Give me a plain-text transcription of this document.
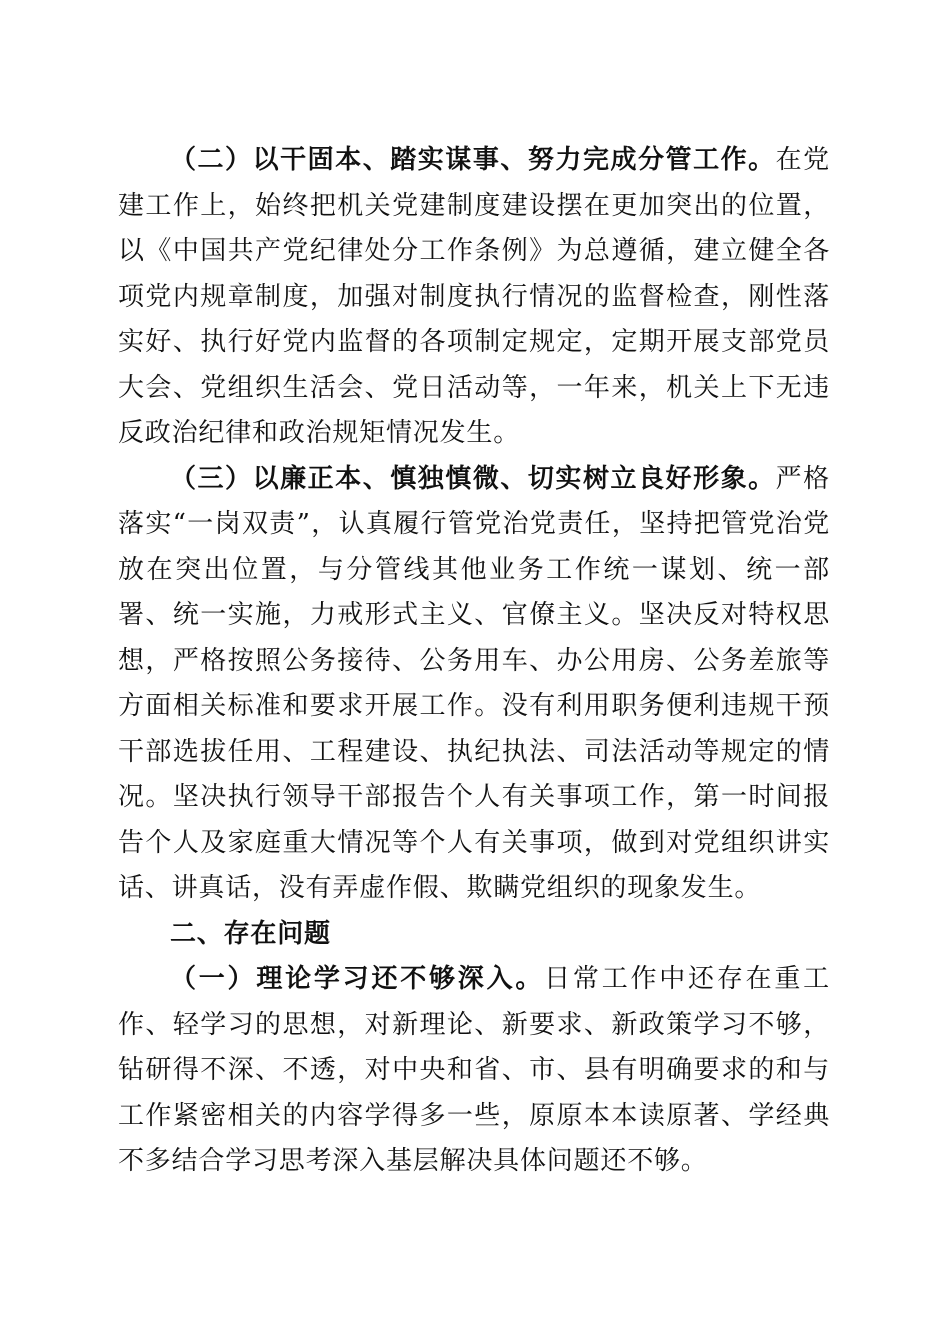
（二）以干固本、踏实谋事、努力完成分管工作。在党建工作上，始终把机关党建制度建设摆在更加突出的位置，以《中国共产党纪律处分工作条例》为总遵循，建立健全各项党内规章制度，加强对制度执行情况的监督检查，刚性落实好、执行好党内监督的各项制定规定，定期开展支部党员大会、党组织生活会、党日活动等，一年来，机关上下无违反政治纪律和政治规矩情况发生。

（三）以廉正本、慎独慎微、切实树立良好形象。严格落实“一岗双责”，认真履行管党治党责任，坚持把管党治党放在突出位置，与分管线其他业务工作统一谋划、统一部署、统一实施，力戒形式主义、官僚主义。坚决反对特权思想，严格按照公务接待、公务用车、办公用房、公务差旅等方面相关标准和要求开展工作。没有利用职务便利违规干预干部选拔任用、工程建设、执纪执法、司法活动等规定的情况。坚决执行领导干部报告个人有关事项工作，第一时间报告个人及家庭重大情况等个人有关事项，做到对党组织讲实话、讲真话，没有弄虚作假、欺瞒党组织的现象发生。

二、存在问题

（一）理论学习还不够深入。日常工作中还存在重工作、轻学习的思想，对新理论、新要求、新政策学习不够，钻研得不深、不透，对中央和省、市、县有明确要求的和与工作紧密相关的内容学得多一些，原原本本读原著、学经典不多结合学习思考深入基层解决具体问题还不够。
